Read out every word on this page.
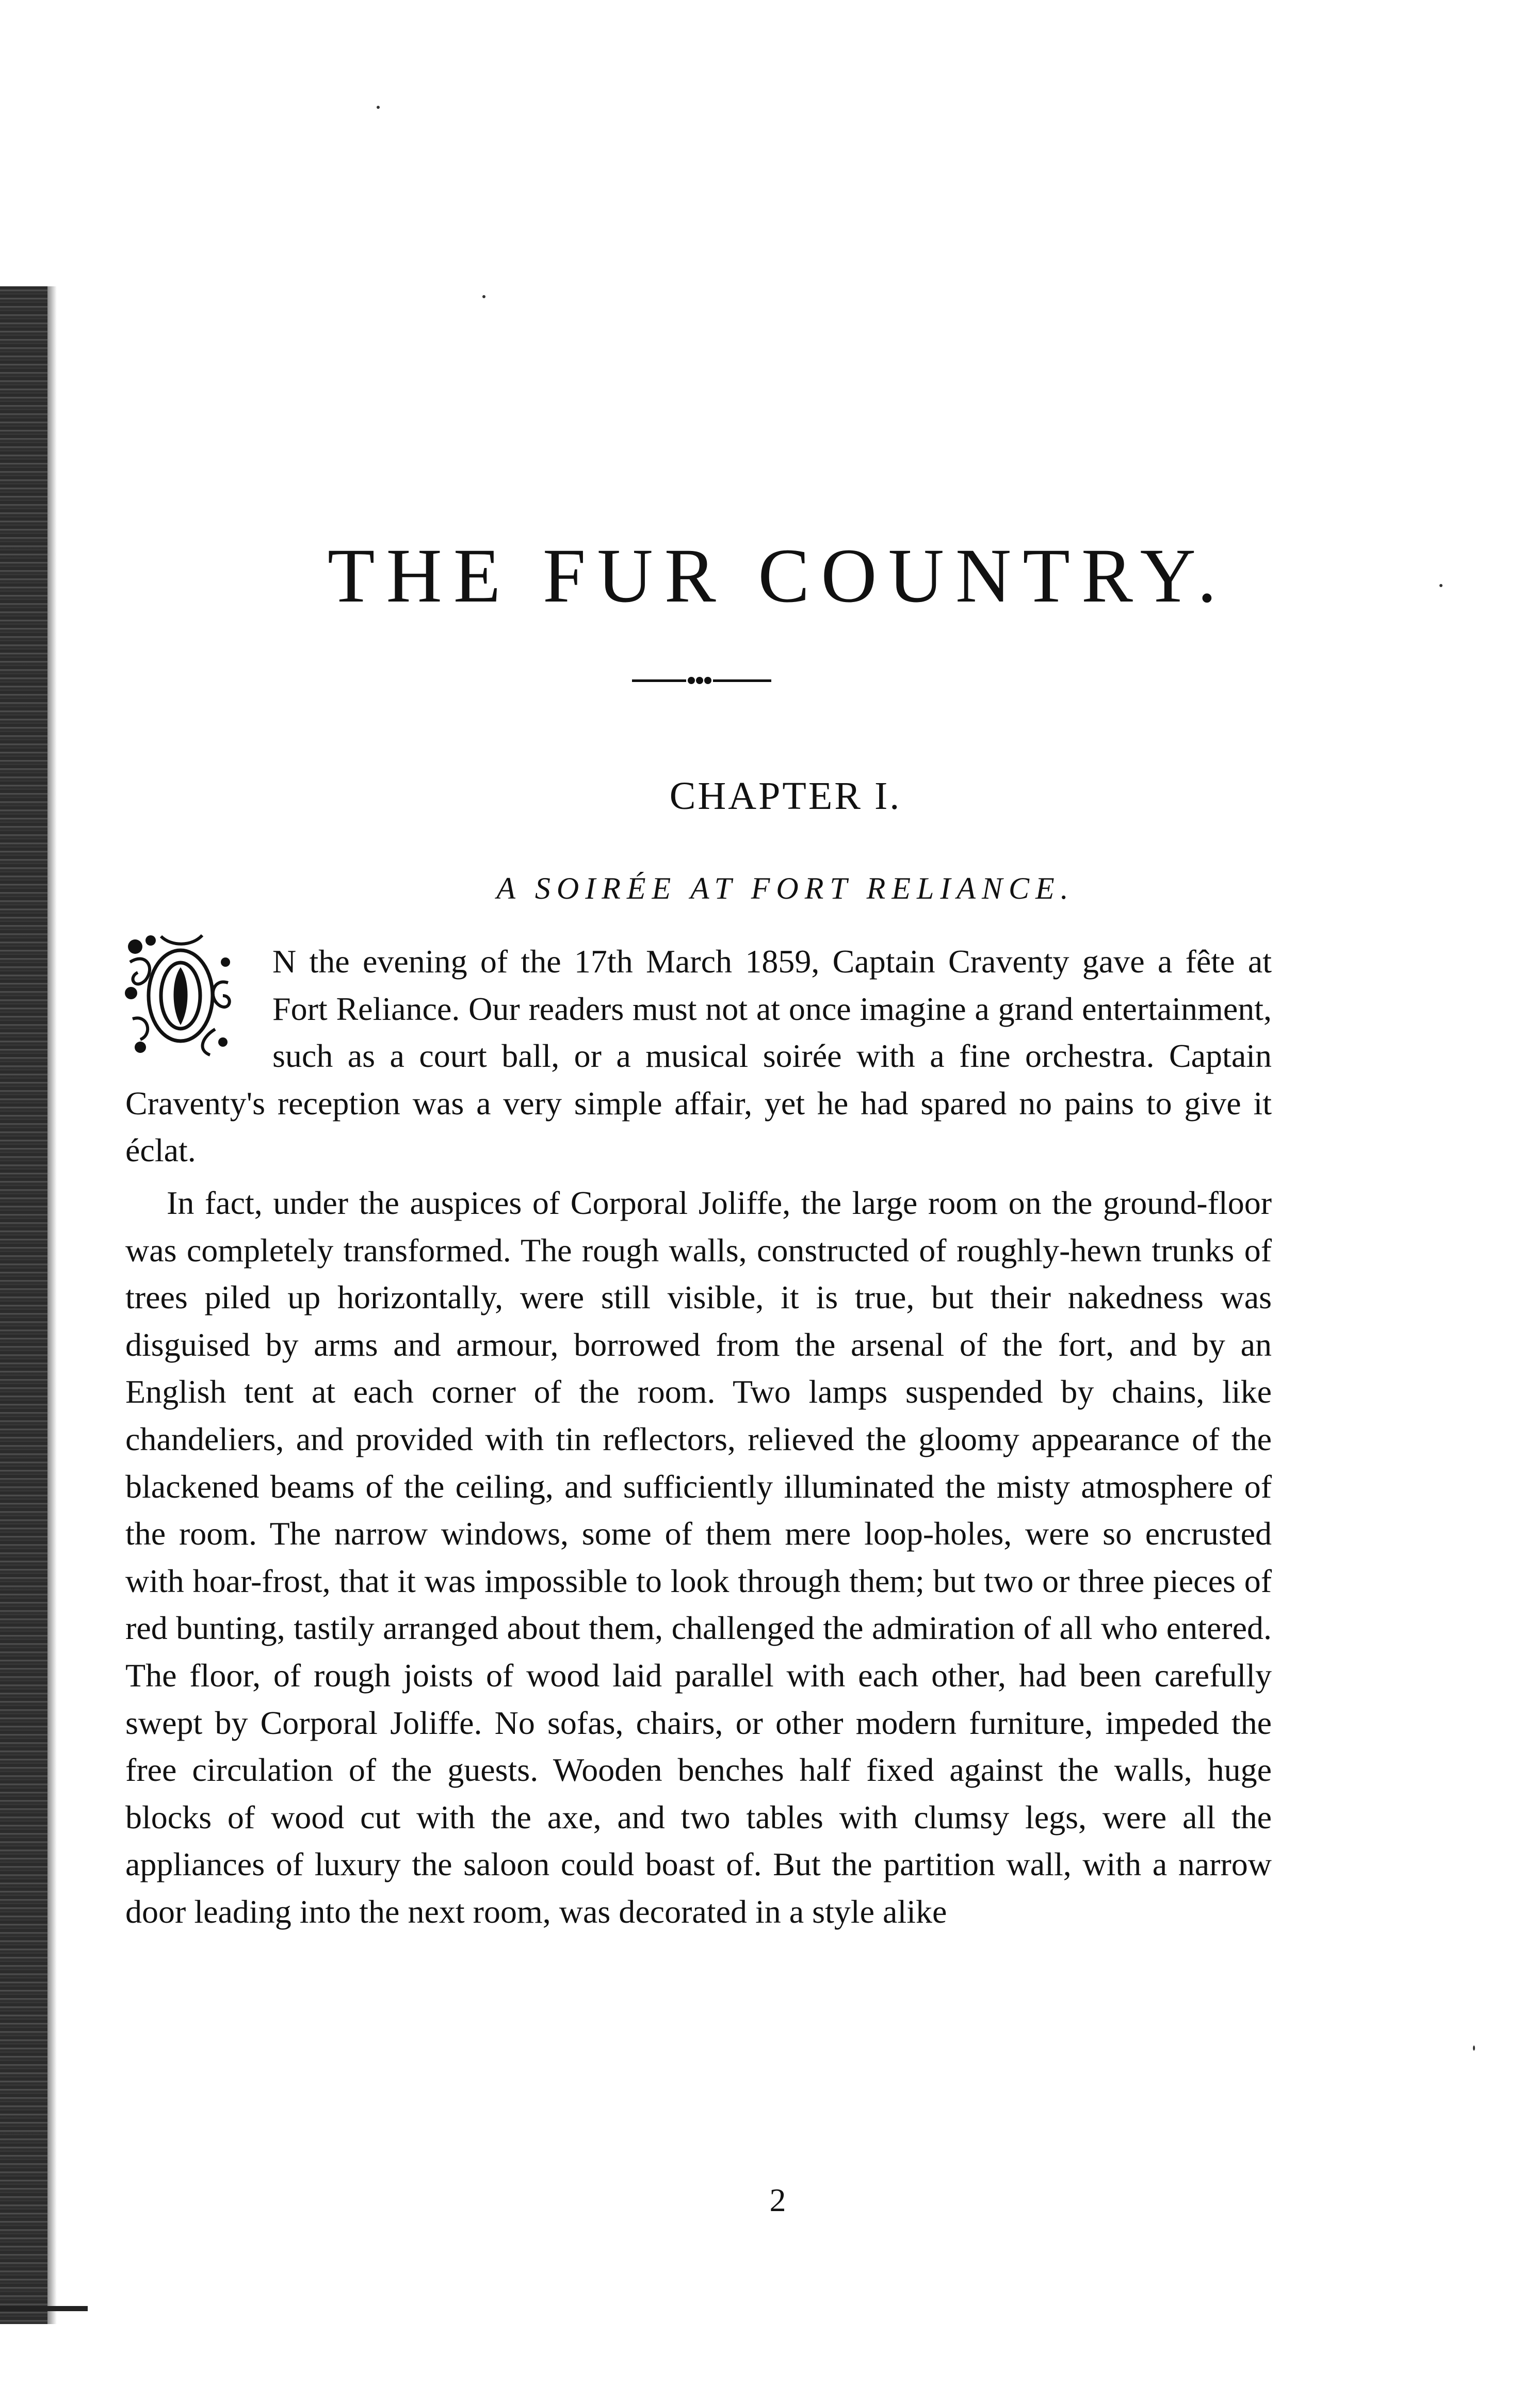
THE FUR COUNTRY.
CHAPTER I.
A SOIRÉE AT FORT RELIANCE.

N the evening of the 17th March 1859, Captain Craventy gave a fête at Fort Reliance. Our readers must not at once imagine a grand entertainment, such as a court ball, or a musical soirée with a fine orchestra. Captain Craventy's reception was a very simple affair, yet he had spared no pains to give it éclat.

In fact, under the auspices of Corporal Joliffe, the large room on the ground-floor was completely transformed. The rough walls, constructed of roughly-hewn trunks of trees piled up horizontally, were still visible, it is true, but their nakedness was disguised by arms and armour, borrowed from the arsenal of the fort, and by an English tent at each corner of the room. Two lamps suspended by chains, like chandeliers, and provided with tin reflectors, relieved the gloomy appearance of the blackened beams of the ceiling, and sufficiently illuminated the misty atmosphere of the room. The narrow windows, some of them mere loop-holes, were so encrusted with hoar-frost, that it was impossible to look through them; but two or three pieces of red bunting, tastily arranged about them, challenged the admiration of all who entered. The floor, of rough joists of wood laid parallel with each other, had been carefully swept by Corporal Joliffe. No sofas, chairs, or other modern furniture, impeded the free circulation of the guests. Wooden benches half fixed against the walls, huge blocks of wood cut with the axe, and two tables with clumsy legs, were all the appliances of luxury the saloon could boast of. But the partition wall, with a narrow door leading into the next room, was decorated in a style alike

2
